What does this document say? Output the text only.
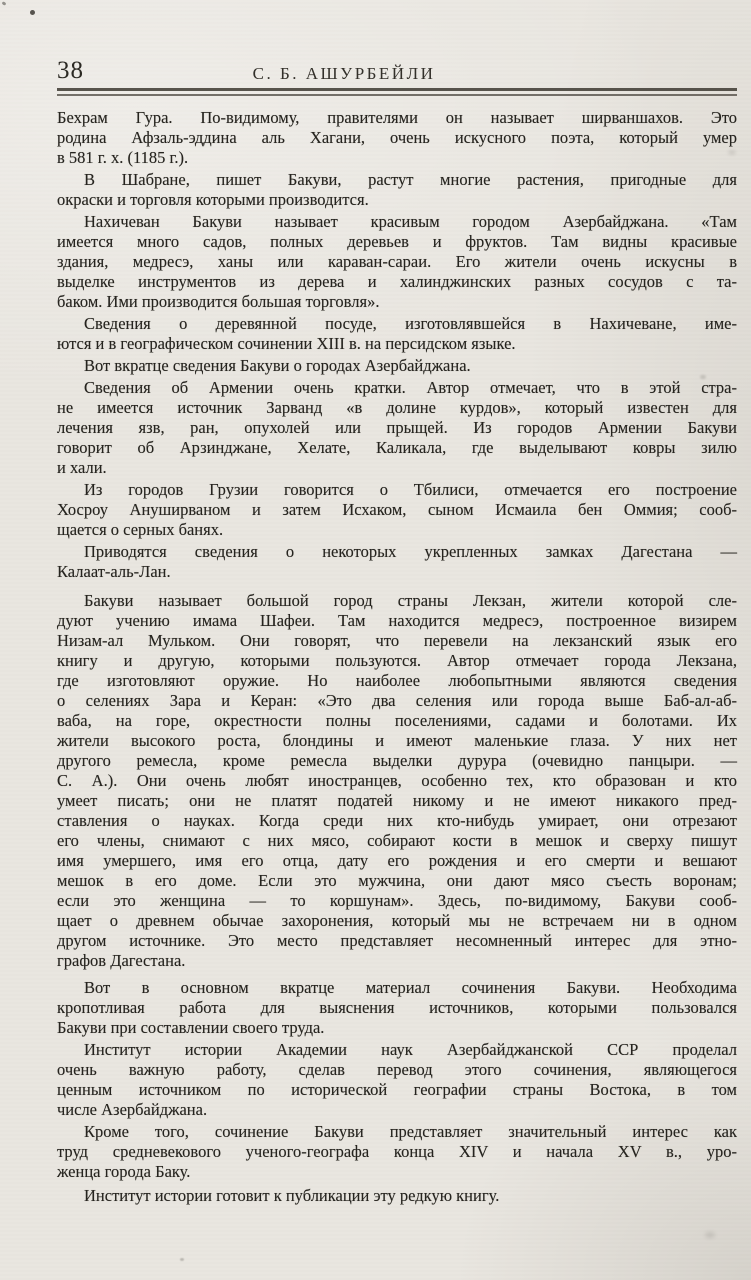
38	С. Б. АШУРБЕЙЛИ

Бехрам Гура. По-видимому, правителями он называет ширваншахов. Это
родина Афзаль-эддина аль Хагани, очень искусного поэта, который умер
в 581 г. х. (1185 г.).

В Шабране, пишет Бакуви, растут многие растения, пригодные для
окраски и торговля которыми производится.

Нахичеван Бакуви называет красивым городом Азербайджана. «Там
имеется много садов, полных деревьев и фруктов. Там видны красивые
здания, медресэ, ханы или караван-сараи. Его жители очень искусны в
выделке инструментов из дерева и халинджинских разных сосудов с та-
баком. Ими производится большая торговля».

Сведения о деревянной посуде, изготовлявшейся в Нахичеване, име-
ются и в географическом сочинении XIII в. на персидском языке.

Вот вкратце сведения Бакуви о городах Азербайджана.

Сведения об Армении очень кратки. Автор отмечает, что в этой стра-
не имеется источник Зарванд «в долине курдов», который известен для
лечения язв, ран, опухолей или прыщей. Из городов Армении Бакуви
говорит об Арзинджане, Хелате, Каликала, где выделывают ковры зилю
и хали.

Из городов Грузии говорится о Тбилиси, отмечается его построение
Хосроу Ануширваном и затем Исхаком, сыном Исмаила бен Оммия; сооб-
щается о серных банях.

Приводятся сведения о некоторых укрепленных замках Дагестана —
Калаат-аль-Лан.

Бакуви называет большой город страны Лекзан, жители которой сле-
дуют учению имама Шафеи. Там находится медресэ, построенное визирем
Низам-ал Мульком. Они говорят, что перевели на лекзанский язык его
книгу и другую, которыми пользуются. Автор отмечает города Лекзана,
где изготовляют оружие. Но наиболее любопытными являются сведения
о селениях Зара и Керан: «Это два селения или города выше Баб-ал-аб-
ваба, на горе, окрестности полны поселениями, садами и болотами. Их
жители высокого роста, блондины и имеют маленькие глаза. У них нет
другого ремесла, кроме ремесла выделки дурура (очевидно панцыри. —
С. А.). Они очень любят иностранцев, особенно тех, кто образован и кто
умеет писать; они не платят податей никому и не имеют никакого пред-
ставления о науках. Когда среди них кто-нибудь умирает, они отрезают
его члены, снимают с них мясо, собирают кости в мешок и сверху пишут
имя умершего, имя его отца, дату его рождения и его смерти и вешают
мешок в его доме. Если это мужчина, они дают мясо съесть воронам;
если это женщина — то коршунам». Здесь, по-видимому, Бакуви сооб-
щает о древнем обычае захоронения, который мы не встречаем ни в одном
другом источнике. Это место представляет несомненный интерес для этно-
графов Дагестана.

Вот в основном вкратце материал сочинения Бакуви. Необходима
кропотливая работа для выяснения источников, которыми пользовался
Бакуви при составлении своего труда.

Институт истории Академии наук Азербайджанской ССР проделал
очень важную работу, сделав перевод этого сочинения, являющегося
ценным источником по исторической географии страны Востока, в том
числе Азербайджана.

Кроме того, сочинение Бакуви представляет значительный интерес как
труд средневекового ученого-географа конца XIV и начала XV в., уро-
женца города Баку.

Институт истории готовит к публикации эту редкую книгу.
